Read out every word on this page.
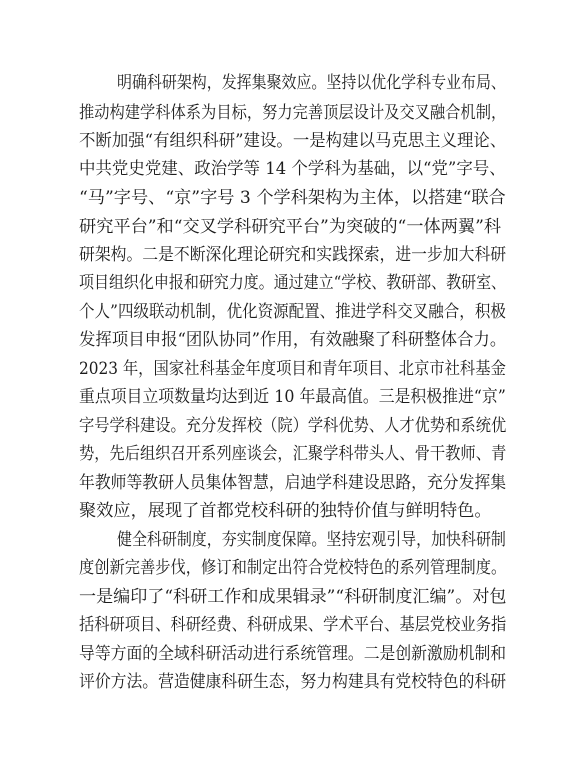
明确科研架构，发挥集聚效应。坚持以优化学科专业布局、
推动构建学科体系为目标，努力完善顶层设计及交叉融合机制，
不断加强“有组织科研”建设。一是构建以马克思主义理论、
中共党史党建、政治学等 14 个学科为基础，以“党”字号、
“马”字号、“京”字号 3 个学科架构为主体，以搭建“联合
研究平台”和“交叉学科研究平台”为突破的“一体两翼”科
研架构。二是不断深化理论研究和实践探索，进一步加大科研
项目组织化申报和研究力度。通过建立“学校、教研部、教研室、
个人”四级联动机制，优化资源配置、推进学科交叉融合，积极
发挥项目申报“团队协同”作用，有效融聚了科研整体合力。
2023 年，国家社科基金年度项目和青年项目、北京市社科基金
重点项目立项数量均达到近 10 年最高值。三是积极推进“京”
字号学科建设。充分发挥校（院）学科优势、人才优势和系统优
势，先后组织召开系列座谈会，汇聚学科带头人、骨干教师、青
年教师等教研人员集体智慧，启迪学科建设思路，充分发挥集
聚效应，展现了首都党校科研的独特价值与鲜明特色。
健全科研制度，夯实制度保障。坚持宏观引导，加快科研制
度创新完善步伐，修订和制定出符合党校特色的系列管理制度。
一是编印了“科研工作和成果辑录”“科研制度汇编”。对包
括科研项目、科研经费、科研成果、学术平台、基层党校业务指
导等方面的全域科研活动进行系统管理。二是创新激励机制和
评价方法。营造健康科研生态，努力构建具有党校特色的科研
